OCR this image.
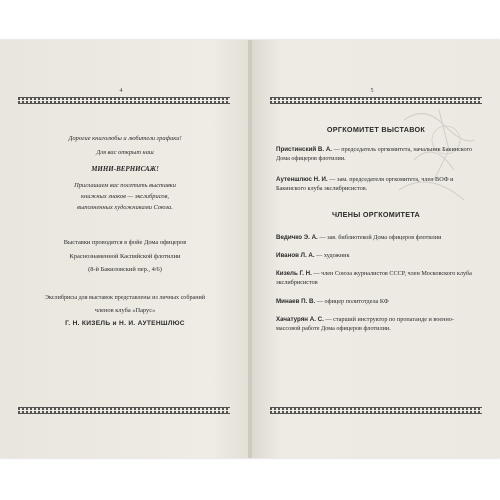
4
Дорогие книголюбы и любители графики!
Для вас открыт наш
МИНИ-ВЕРНИСАЖ!
Приглашаем вас посетить выставки
книжных знаков — экслибрисов,
выполненных художниками Союза.
Выставки проводятся в фойе Дома офицеров
Краснознаменной Каспийской флотилии
(8-й Бакиловский пер., 4/6)
Экслибрисы для выставок представлены из личных собраний
членов клуба «Парус»
Г. Н. КИЗЕЛЬ и Н. И. АУТЕНШЛЮС
5
ОРГКОМИТЕТ ВЫСТАВОК
Пристинский В. А. — председатель оргкомитета, начальник Бакинского Дома офицеров флотилии.
Аутеншлюс Н. И. — зам. председателя оргкомитета, член ВОФ и Бакинского клуба экслибрисистов.
ЧЛЕНЫ ОРГКОМИТЕТА
Ведичко Э. А. — зав. библиотекой Дома офицеров флотилии
Иванов Л. А. — художник
Кизель Г. Н. — член Союза журналистов СССР, член Московского клуба экслибрисистов
Минаев П. В. — офицер политотдела КФ
Хачатурян А. С. — старший инструктор по пропаганде и военно-массовой работе Дома офицеров флотилии.
